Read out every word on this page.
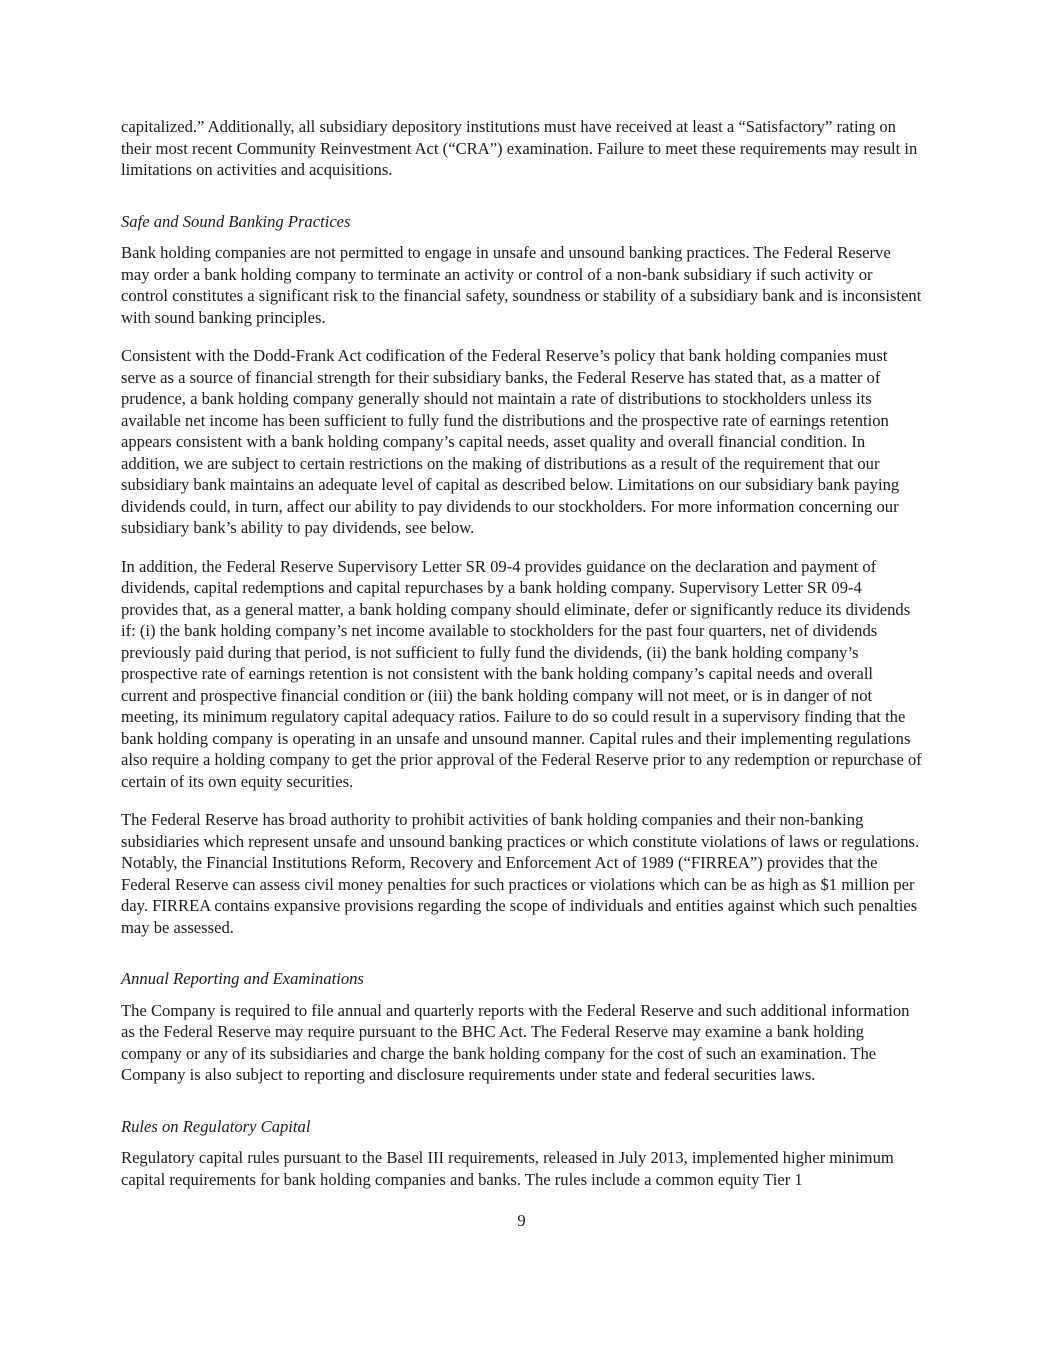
capitalized.” Additionally, all subsidiary depository institutions must have received at least a “Satisfactory” rating on their most recent Community Reinvestment Act (“CRA”) examination. Failure to meet these requirements may result in limitations on activities and acquisitions.

Safe and Sound Banking Practices

Bank holding companies are not permitted to engage in unsafe and unsound banking practices. The Federal Reserve may order a bank holding company to terminate an activity or control of a non-bank subsidiary if such activity or control constitutes a significant risk to the financial safety, soundness or stability of a subsidiary bank and is inconsistent with sound banking principles.

Consistent with the Dodd-Frank Act codification of the Federal Reserve’s policy that bank holding companies must serve as a source of financial strength for their subsidiary banks, the Federal Reserve has stated that, as a matter of prudence, a bank holding company generally should not maintain a rate of distributions to stockholders unless its available net income has been sufficient to fully fund the distributions and the prospective rate of earnings retention appears consistent with a bank holding company’s capital needs, asset quality and overall financial condition. In addition, we are subject to certain restrictions on the making of distributions as a result of the requirement that our subsidiary bank maintains an adequate level of capital as described below. Limitations on our subsidiary bank paying dividends could, in turn, affect our ability to pay dividends to our stockholders. For more information concerning our subsidiary bank’s ability to pay dividends, see below.

In addition, the Federal Reserve Supervisory Letter SR 09-4 provides guidance on the declaration and payment of dividends, capital redemptions and capital repurchases by a bank holding company. Supervisory Letter SR 09-4 provides that, as a general matter, a bank holding company should eliminate, defer or significantly reduce its dividends if: (i) the bank holding company’s net income available to stockholders for the past four quarters, net of dividends previously paid during that period, is not sufficient to fully fund the dividends, (ii) the bank holding company’s prospective rate of earnings retention is not consistent with the bank holding company’s capital needs and overall current and prospective financial condition or (iii) the bank holding company will not meet, or is in danger of not meeting, its minimum regulatory capital adequacy ratios. Failure to do so could result in a supervisory finding that the bank holding company is operating in an unsafe and unsound manner. Capital rules and their implementing regulations also require a holding company to get the prior approval of the Federal Reserve prior to any redemption or repurchase of certain of its own equity securities.

The Federal Reserve has broad authority to prohibit activities of bank holding companies and their non-banking subsidiaries which represent unsafe and unsound banking practices or which constitute violations of laws or regulations. Notably, the Financial Institutions Reform, Recovery and Enforcement Act of 1989 (“FIRREA”) provides that the Federal Reserve can assess civil money penalties for such practices or violations which can be as high as $1 million per day. FIRREA contains expansive provisions regarding the scope of individuals and entities against which such penalties may be assessed.

Annual Reporting and Examinations

The Company is required to file annual and quarterly reports with the Federal Reserve and such additional information as the Federal Reserve may require pursuant to the BHC Act. The Federal Reserve may examine a bank holding company or any of its subsidiaries and charge the bank holding company for the cost of such an examination. The Company is also subject to reporting and disclosure requirements under state and federal securities laws.

Rules on Regulatory Capital

Regulatory capital rules pursuant to the Basel III requirements, released in July 2013, implemented higher minimum capital requirements for bank holding companies and banks. The rules include a common equity Tier 1

9
